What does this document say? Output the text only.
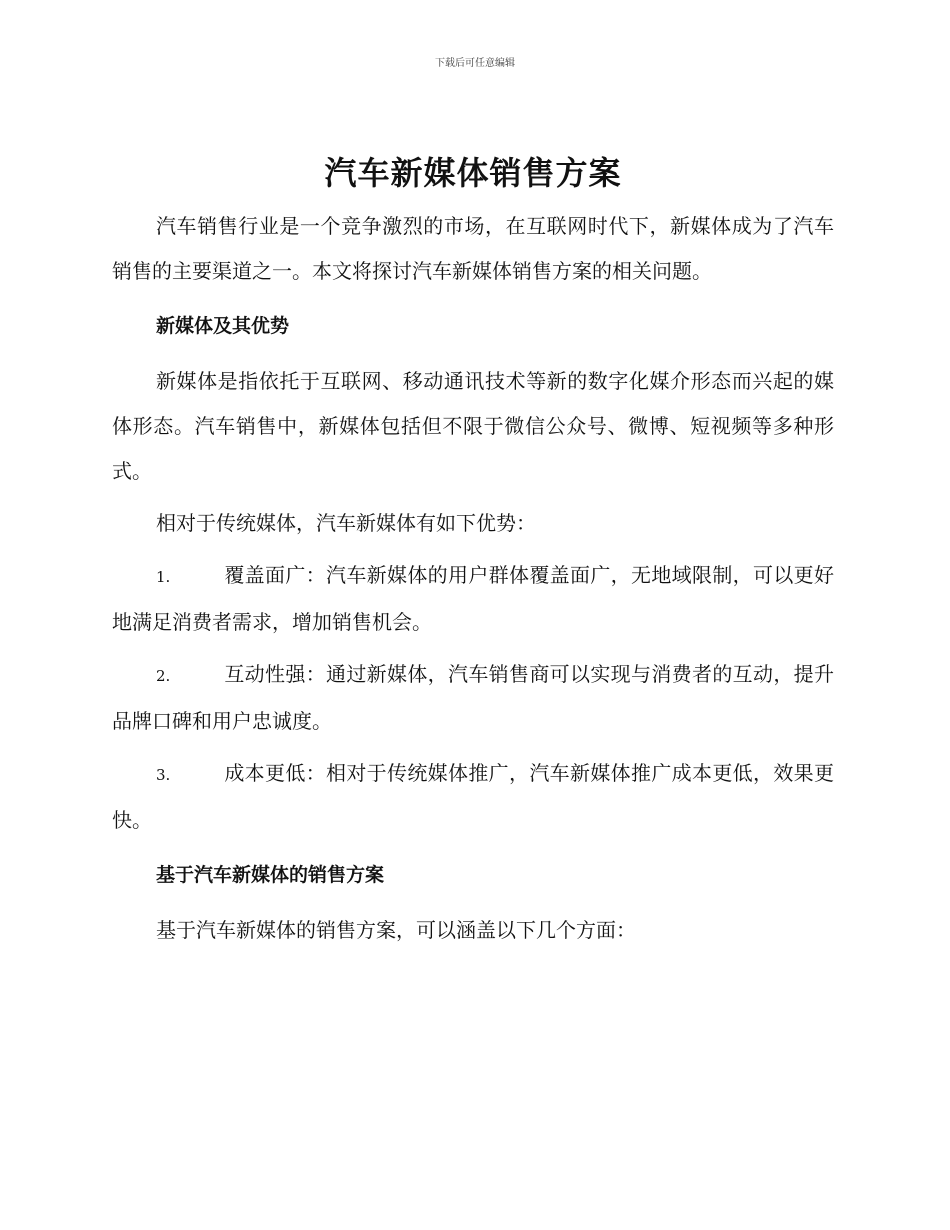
下载后可任意编辑
汽车新媒体销售方案

汽车销售行业是一个竞争激烈的市场，在互联网时代下，新媒体成为了汽车销售的主要渠道之一。本文将探讨汽车新媒体销售方案的相关问题。

新媒体及其优势

新媒体是指依托于互联网、移动通讯技术等新的数字化媒介形态而兴起的媒体形态。汽车销售中，新媒体包括但不限于微信公众号、微博、短视频等多种形式。

相对于传统媒体，汽车新媒体有如下优势：

1.	覆盖面广：汽车新媒体的用户群体覆盖面广，无地域限制，可以更好地满足消费者需求，增加销售机会。

2.	互动性强：通过新媒体，汽车销售商可以实现与消费者的互动，提升品牌口碑和用户忠诚度。

3.	成本更低：相对于传统媒体推广，汽车新媒体推广成本更低，效果更快。

基于汽车新媒体的销售方案

基于汽车新媒体的销售方案，可以涵盖以下几个方面：
